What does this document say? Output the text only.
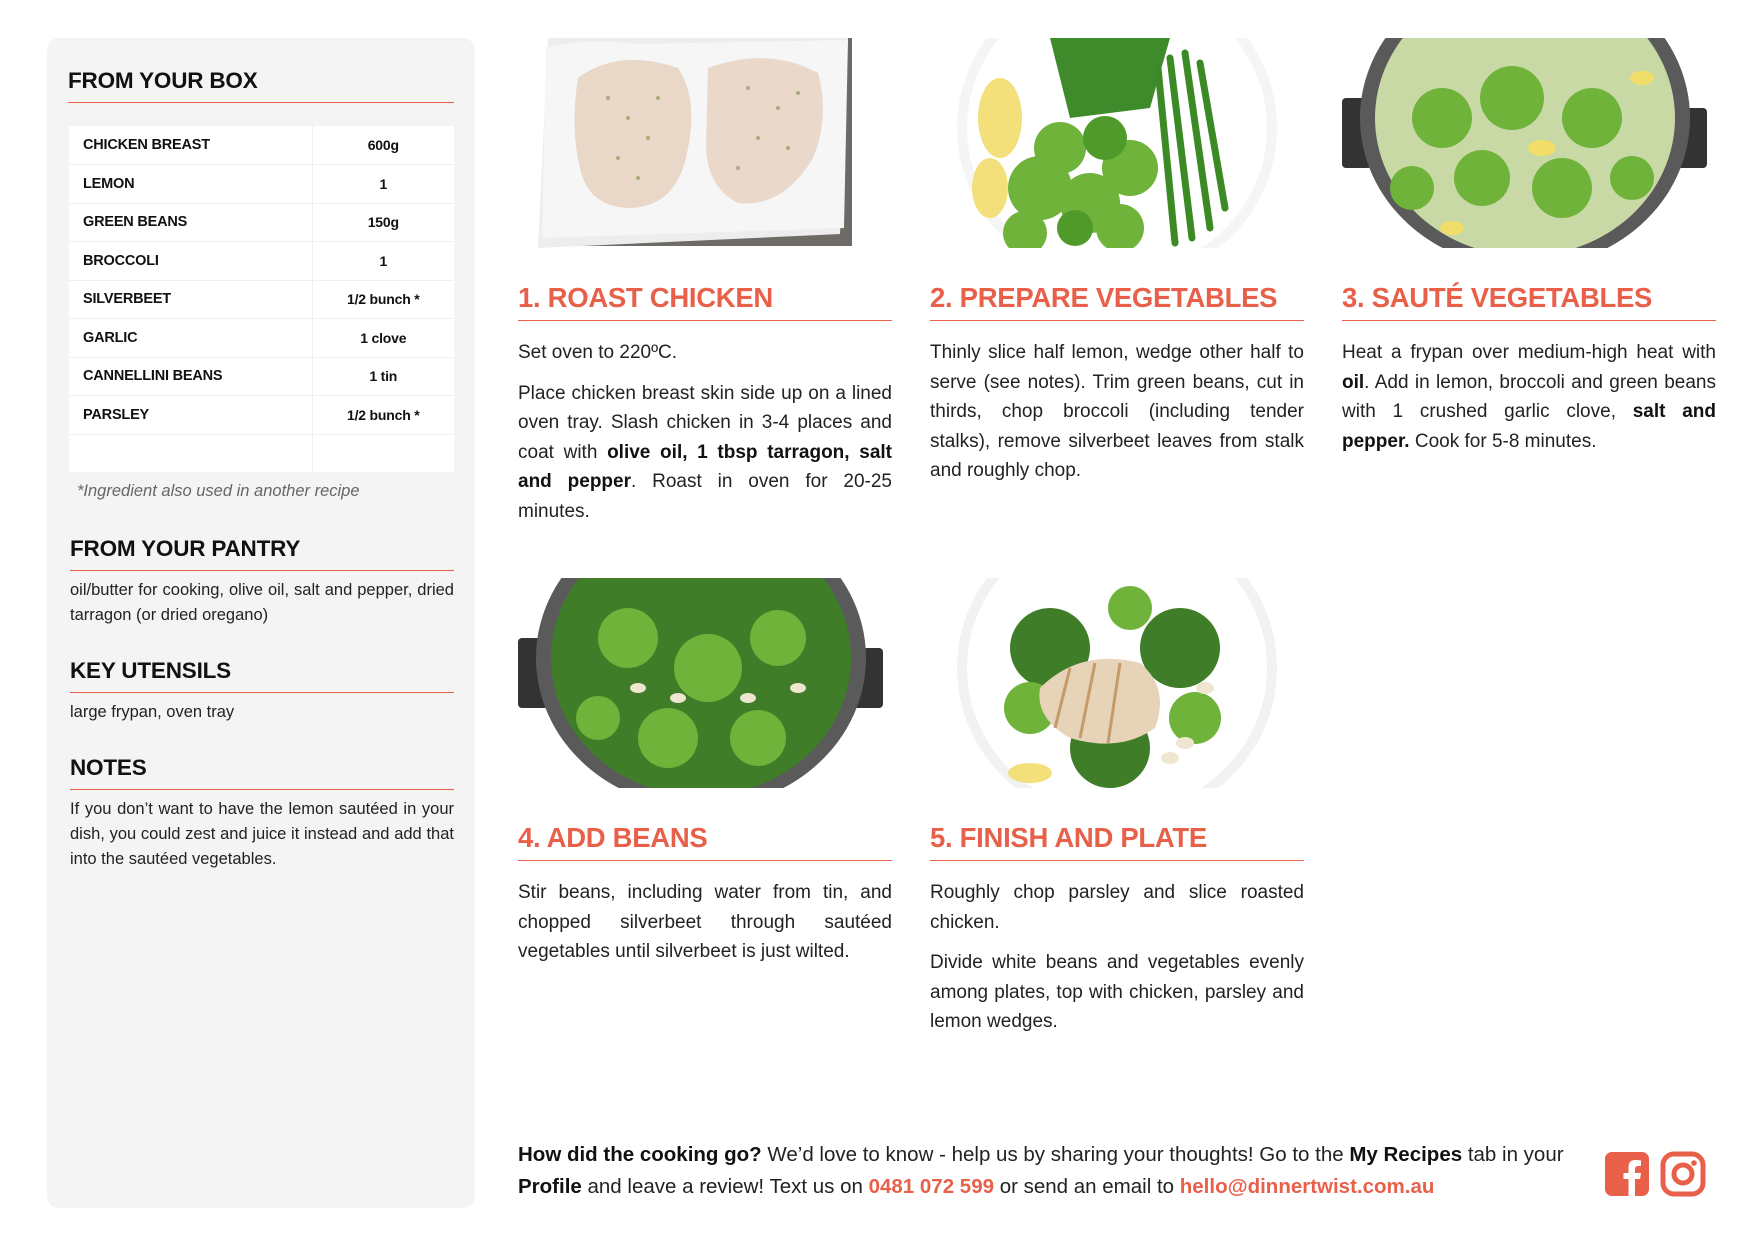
FROM YOUR BOX
CHICKEN BREAST	600g
LEMON	1
GREEN BEANS	150g
BROCCOLI	1
SILVERBEET	1/2 bunch *
GARLIC	1 clove
CANNELLINI BEANS	1 tin
PARSLEY	1/2 bunch *

*Ingredient also used in another recipe
FROM YOUR PANTRY
oil/butter for cooking, olive oil, salt and pepper, dried tarragon (or dried oregano)
KEY UTENSILS
large frypan, oven tray
NOTES
If you don’t want to have the lemon sautéed in your dish, you could zest and juice it instead and add that into the sautéed vegetables.
1. ROAST CHICKEN

Set oven to 220ºC.

Place chicken breast skin side up on a lined oven tray. Slash chicken in 3-4 places and coat with olive oil, 1 tbsp tarragon, salt and pepper. Roast in oven for 20-25 minutes.

2. PREPARE VEGETABLES

Thinly slice half lemon, wedge other half to serve (see notes). Trim green beans, cut in thirds, chop broccoli (including tender stalks), remove silverbeet leaves from stalk and roughly chop.

3. SAUTÉ VEGETABLES

Heat a frypan over medium-high heat with oil. Add in lemon, broccoli and green beans with 1 crushed garlic clove, salt and pepper. Cook for 5-8 minutes.

4. ADD BEANS

Stir beans, including water from tin, and chopped silverbeet through sautéed vegetables until silverbeet is just wilted.

5. FINISH AND PLATE

Roughly chop parsley and slice roasted chicken.

Divide white beans and vegetables evenly among plates, top with chicken, parsley and lemon wedges.

How did the cooking go? We’d love to know - help us by sharing your thoughts! Go to the My Recipes tab in your Profile and leave a review! Text us on 0481 072 599 or send an email to hello@dinnertwist.com.au
